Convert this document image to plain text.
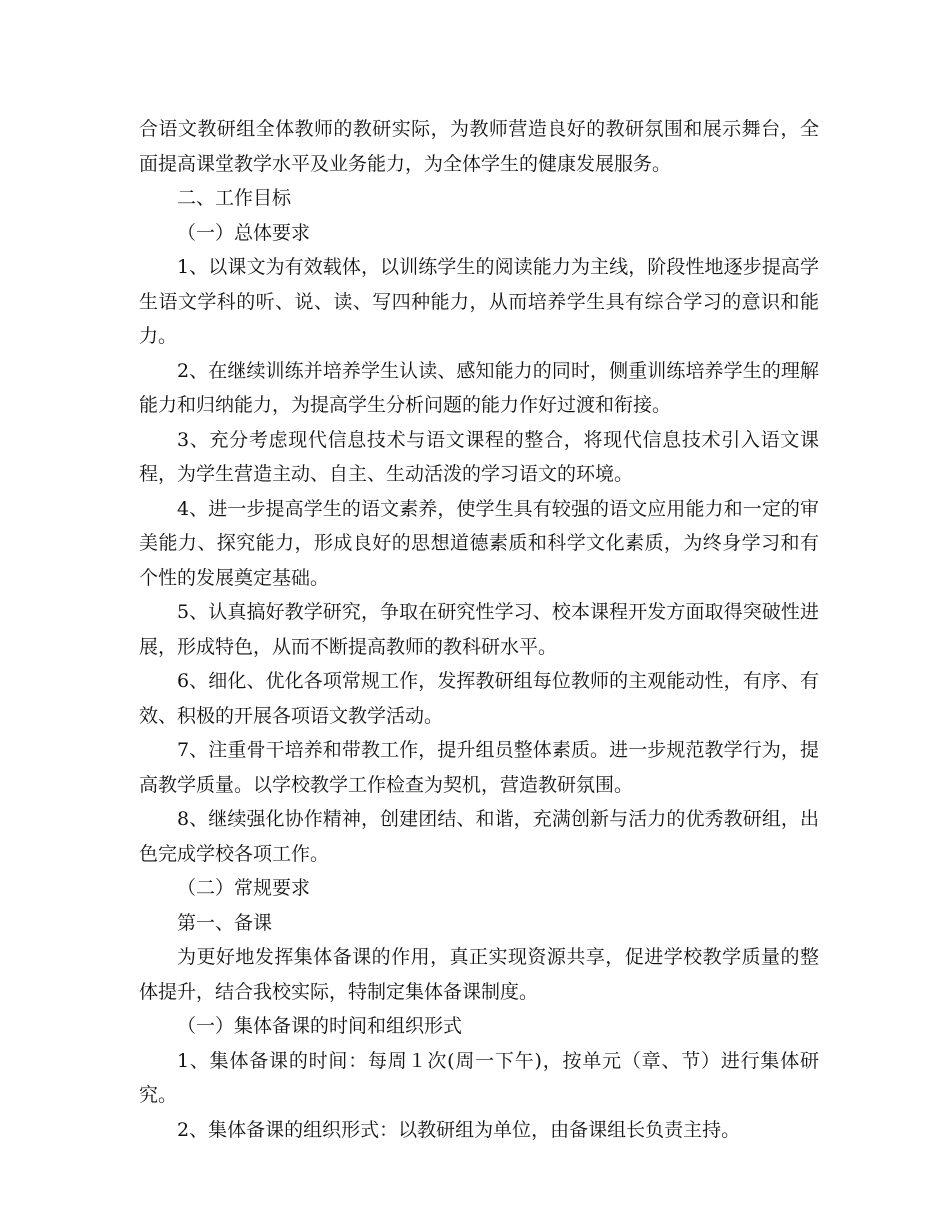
合语文教研组全体教师的教研实际，为教师营造良好的教研氛围和展示舞台，全面提高课堂教学水平及业务能力，为全体学生的健康发展服务。

二、工作目标

（一）总体要求

1、以课文为有效载体，以训练学生的阅读能力为主线，阶段性地逐步提高学生语文学科的听、说、读、写四种能力，从而培养学生具有综合学习的意识和能力。

2、在继续训练并培养学生认读、感知能力的同时，侧重训练培养学生的理解能力和归纳能力，为提高学生分析问题的能力作好过渡和衔接。

3、充分考虑现代信息技术与语文课程的整合，将现代信息技术引入语文课程，为学生营造主动、自主、生动活泼的学习语文的环境。

4、进一步提高学生的语文素养，使学生具有较强的语文应用能力和一定的审美能力、探究能力，形成良好的思想道德素质和科学文化素质，为终身学习和有个性的发展奠定基础。

5、认真搞好教学研究，争取在研究性学习、校本课程开发方面取得突破性进展，形成特色，从而不断提高教师的教科研水平。

6、细化、优化各项常规工作，发挥教研组每位教师的主观能动性，有序、有效、积极的开展各项语文教学活动。

7、注重骨干培养和带教工作，提升组员整体素质。进一步规范教学行为，提高教学质量。以学校教学工作检查为契机，营造教研氛围。

8、继续强化协作精神，创建团结、和谐，充满创新与活力的优秀教研组，出色完成学校各项工作。

（二）常规要求

第一、备课

为更好地发挥集体备课的作用，真正实现资源共享，促进学校教学质量的整体提升，结合我校实际，特制定集体备课制度。

（一）集体备课的时间和组织形式

1、集体备课的时间：每周１次(周一下午)，按单元（章、节）进行集体研究。

2、集体备课的组织形式：以教研组为单位，由备课组长负责主持。
